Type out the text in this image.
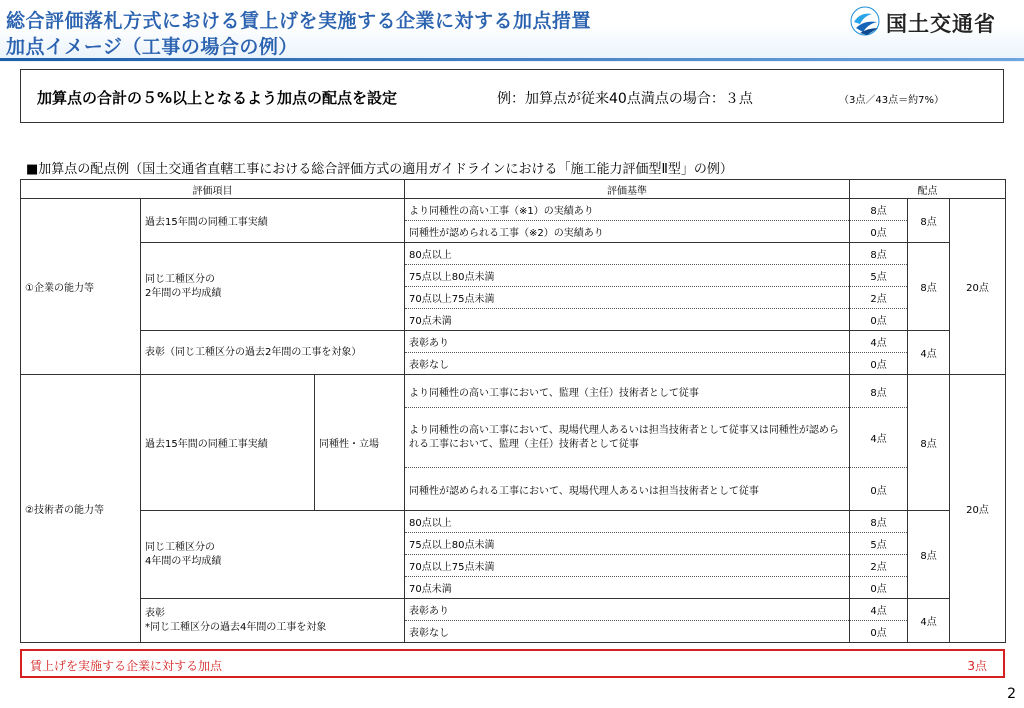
総合評価落札方式における賃上げを実施する企業に対する加点措置
加点イメージ（工事の場合の例）
国土交通省
加算点の合計の５%以上となるよう加点の配点を設定	例：加算点が従来40点満点の場合：３点	（3点／43点＝約7%）
■加算点の配点例（国土交通省直轄工事における総合評価方式の適用ガイドラインにおける「施工能力評価型Ⅱ型」の例）
評価項目			評価基準	配点		
①企業の能力等	過去15年間の同種工事実績		より同種性の高い工事（※1）の実績あり	8点	8点	20点
			同種性が認められる工事（※2）の実績あり	0点		
	同じ工種区分の
2年間の平均成績		80点以上	8点	8点	
			75点以上80点未満	5点		
			70点以上75点未満	2点		
			70点未満	0点		
	表彰（同じ工種区分の過去2年間の工事を対象）		表彰あり	4点	4点	
			表彰なし	0点		
②技術者の能力等	過去15年間の同種工事実績	同種性・立場	より同種性の高い工事において、監理（主任）技術者として従事	8点	8点	20点
			より同種性の高い工事において、現場代理人あるいは担当技術者として従事又は同種性が認められる工事において、監理（主任）技術者として従事	4点		
			同種性が認められる工事において、現場代理人あるいは担当技術者として従事	0点		
	同じ工種区分の
4年間の平均成績		80点以上	8点	8点	
			75点以上80点未満	5点		
			70点以上75点未満	2点		
			70点未満	0点		
	表彰
*同じ工種区分の過去4年間の工事を対象		表彰あり	4点	4点	
			表彰なし	0点		
賃上げを実施する企業に対する加点	3点
2
